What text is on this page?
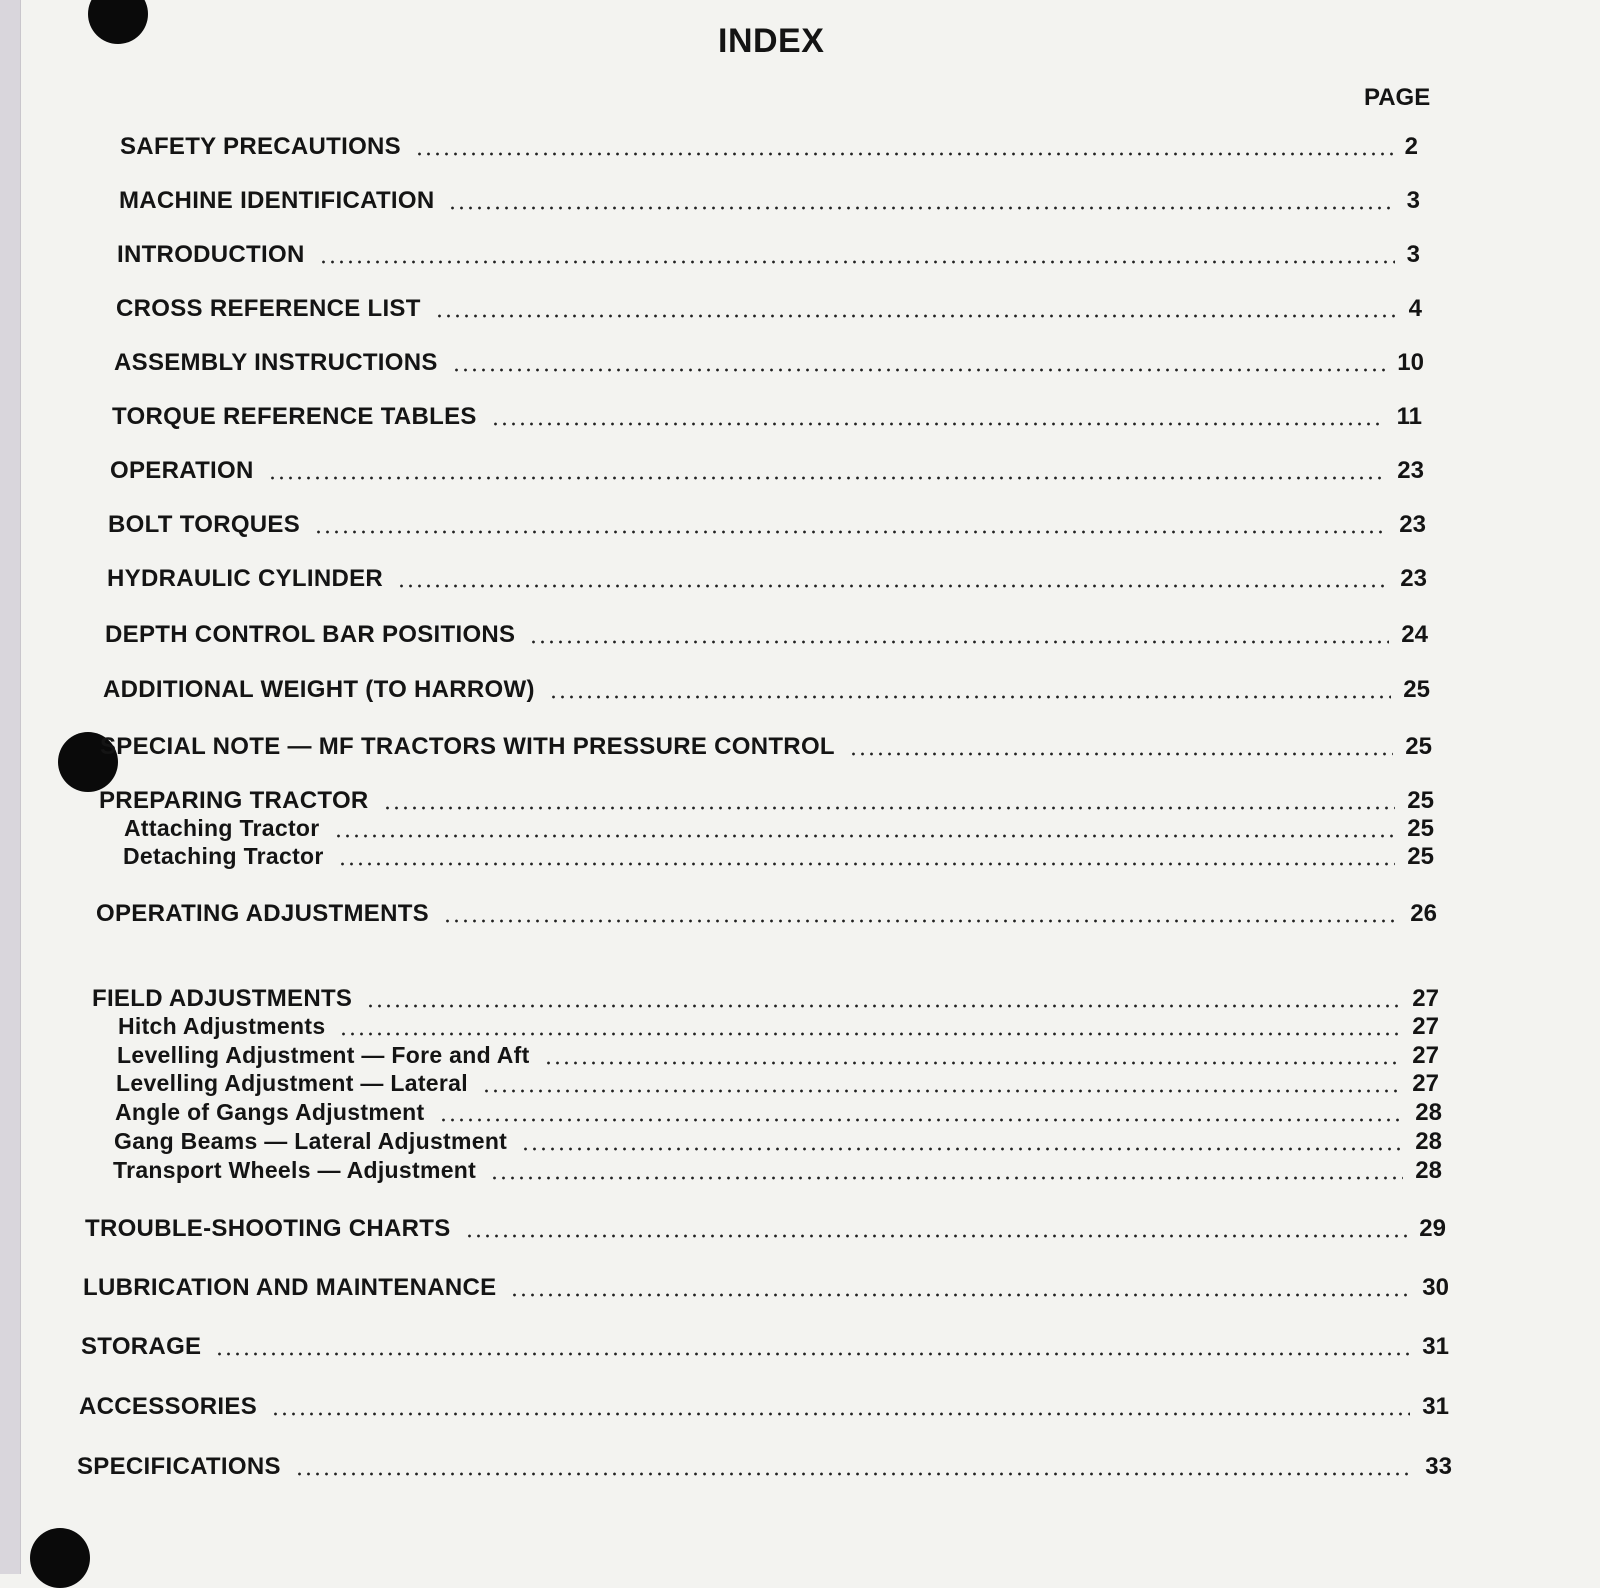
INDEX
PAGE
SAFETY PRECAUTIONS	2
MACHINE IDENTIFICATION	3
INTRODUCTION	3
CROSS REFERENCE LIST	4
ASSEMBLY INSTRUCTIONS	10
TORQUE REFERENCE TABLES	11
OPERATION	23
BOLT TORQUES	23
HYDRAULIC CYLINDER	23
DEPTH CONTROL BAR POSITIONS	24
ADDITIONAL WEIGHT (TO HARROW)	25
SPECIAL NOTE — MF TRACTORS WITH PRESSURE CONTROL	25
PREPARING TRACTOR	25
Attaching Tractor	25
Detaching Tractor	25
OPERATING ADJUSTMENTS	26
FIELD ADJUSTMENTS	27
Hitch Adjustments	27
Levelling Adjustment — Fore and Aft	27
Levelling Adjustment — Lateral	27
Angle of Gangs Adjustment	28
Gang Beams — Lateral Adjustment	28
Transport Wheels — Adjustment	28
TROUBLE-SHOOTING CHARTS	29
LUBRICATION AND MAINTENANCE	30
STORAGE	31
ACCESSORIES	31
SPECIFICATIONS	33
